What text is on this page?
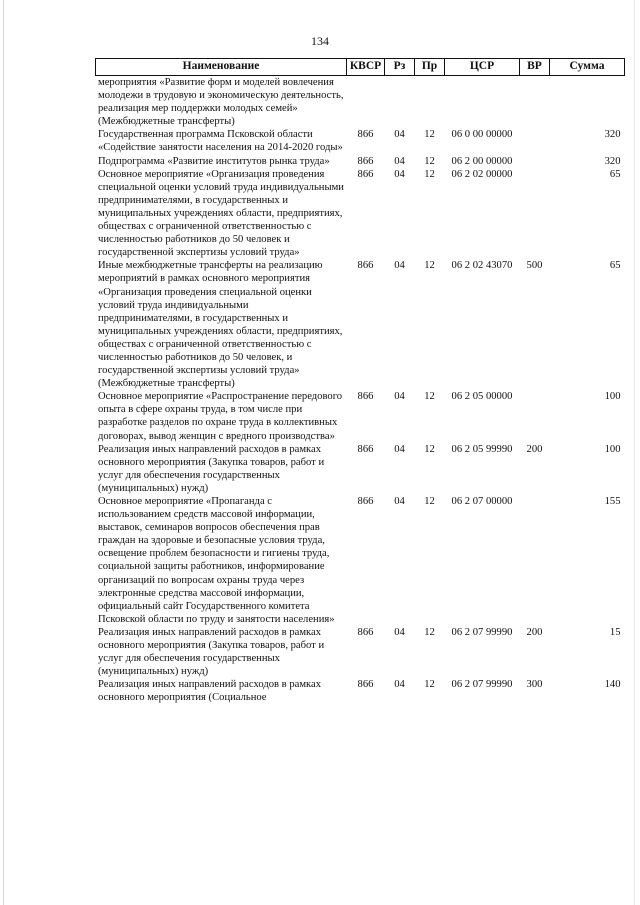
134
Наименование	КВСР	Рз	Пр	ЦСР	ВР	Сумма
мероприятия «Развитие форм и моделей вовлечения молодежи в трудовую и экономическую деятельность, реализация мер поддержки молодых семей» (Межбюджетные трансферты)						
Государственная программа Псковской области «Содействие занятости населения на 2014-2020 годы»	866	04	12	06 0 00 00000		320
Подпрограмма «Развитие институтов рынка труда»	866	04	12	06 2 00 00000		320
Основное мероприятие «Организация проведения специальной оценки условий труда индивидуальными предпринимателями, в государственных и муниципальных учреждениях области, предприятиях, обществах с ограниченной ответственностью с численностью работников до 50 человек и государственной экспертизы условий труда»	866	04	12	06 2 02 00000		65
Иные межбюджетные трансферты на реализацию мероприятий в рамках основного мероприятия «Организация проведения специальной оценки условий труда индивидуальными предпринимателями, в государственных и муниципальных учреждениях области, предприятиях, обществах с ограниченной ответственностью с численностью работников до 50 человек, и государственной экспертизы условий труда» (Межбюджетные трансферты)	866	04	12	06 2 02 43070	500	65
Основное мероприятие «Распространение передового опыта в сфере охраны труда, в том числе при разработке разделов по охране труда в коллективных договорах, вывод женщин с вредного производства»	866	04	12	06 2 05 00000		100
Реализация иных направлений расходов в рамках основного мероприятия (Закупка товаров, работ и услуг для обеспечения государственных (муниципальных) нужд)	866	04	12	06 2 05 99990	200	100
Основное мероприятие «Пропаганда с использованием средств массовой информации, выставок, семинаров вопросов обеспечения прав граждан на здоровые и безопасные условия труда, освещение проблем безопасности и гигиены труда, социальной защиты работников, информирование организаций по вопросам охраны труда через электронные средства массовой информации, официальный сайт Государственного комитета Псковской области по труду и занятости населения»	866	04	12	06 2 07 00000		155
Реализация иных направлений расходов в рамках основного мероприятия (Закупка товаров, работ и услуг для обеспечения государственных (муниципальных) нужд)	866	04	12	06 2 07 99990	200	15
Реализация иных направлений расходов в рамках основного мероприятия (Социальное	866	04	12	06 2 07 99990	300	140
